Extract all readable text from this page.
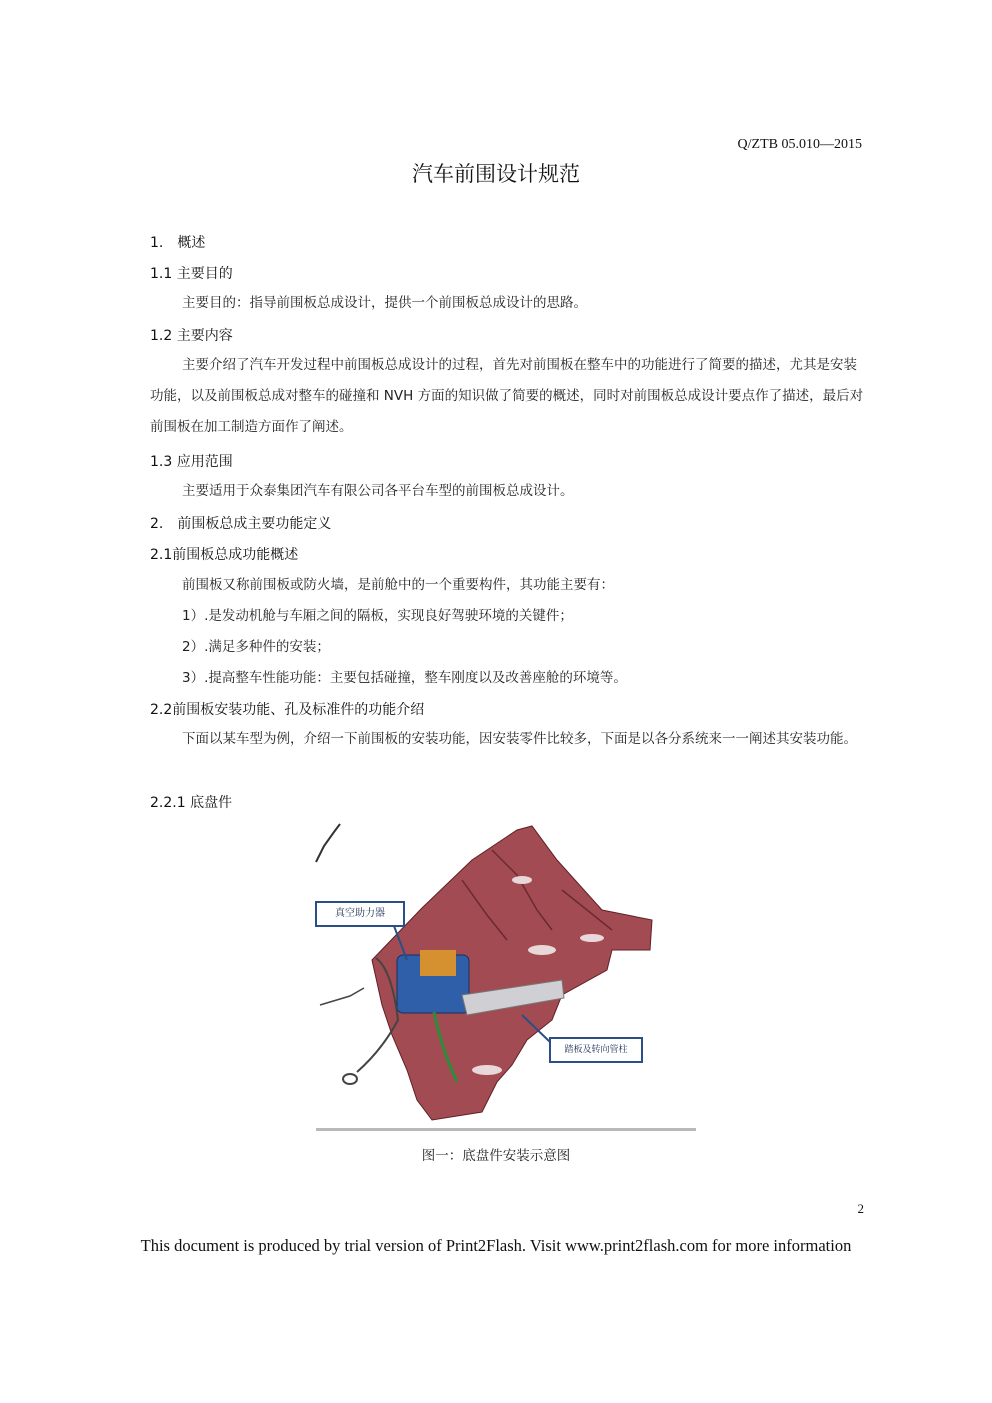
Q/ZTB 05.010—2015
汽车前围设计规范
1.　概述
1.1 主要目的
主要目的：指导前围板总成设计，提供一个前围板总成设计的思路。
1.2 主要内容
主要介绍了汽车开发过程中前围板总成设计的过程，首先对前围板在整车中的功能进行了简要的描述，尤其是安装功能，以及前围板总成对整车的碰撞和 NVH 方面的知识做了简要的概述，同时对前围板总成设计要点作了描述，最后对前围板在加工制造方面作了阐述。
1.3 应用范围
主要适用于众泰集团汽车有限公司各平台车型的前围板总成设计。
2.　前围板总成主要功能定义
2.1前围板总成功能概述
前围板又称前围板或防火墙，是前舱中的一个重要构件，其功能主要有：
1）.是发动机舱与车厢之间的隔板，实现良好驾驶环境的关键件；
2）.满足多种件的安装；
3）.提高整车性能功能：主要包括碰撞，整车刚度以及改善座舱的环境等。
2.2前围板安装功能、孔及标准件的功能介绍
下面以某车型为例，介绍一下前围板的安装功能，因安装零件比较多，下面是以各分系统来一一阐述其安装功能。
2.2.1 底盘件
真空助力器
踏板及转向管柱
图一：底盘件安装示意图
2
This document is produced by trial version of Print2Flash. Visit www.print2flash.com for more information
